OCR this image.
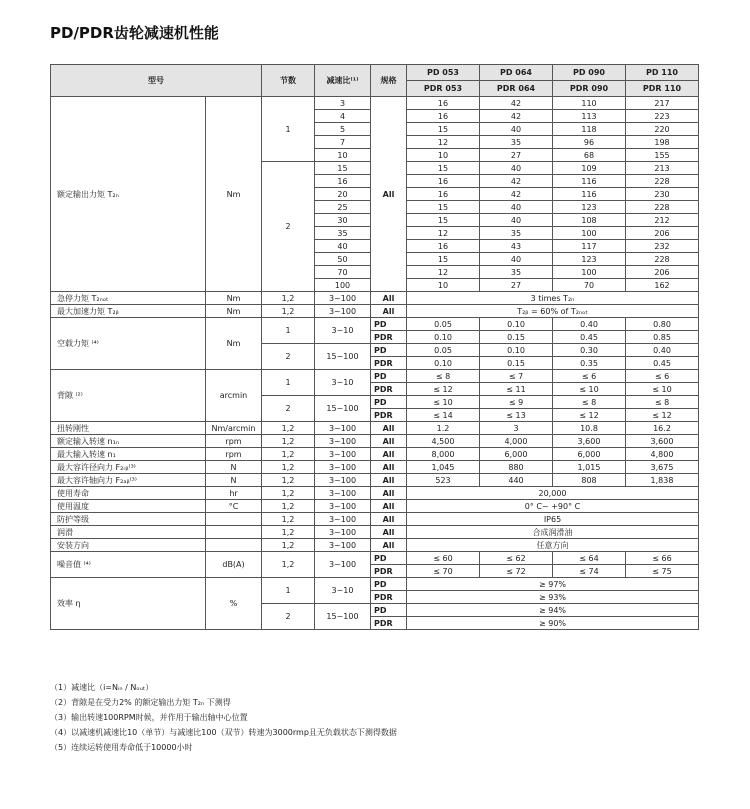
PD/PDR齿轮减速机性能
型号		节数	减速比⁽¹⁾	规格	PD 053	PD 064	PD 090	PD 110
					PDR 053	PDR 064	PDR 090	PDR 110
额定输出力矩 T₂ₙ	Nm	1	3	All	16	42	110	217
			4		16	42	113	223
			5		15	40	118	220
			7		12	35	96	198
			10		10	27	68	155
		2	15		15	40	109	213
			16		16	42	116	228
			20		16	42	116	230
			25		15	40	123	228
			30		15	40	108	212
			35		12	35	100	206
			40		16	43	117	232
			50		15	40	123	228
			70		12	35	100	206
			100		10	27	70	162
急停力矩 T₂ₙₒₜ	Nm	1,2	3~100	All	3 times T₂ₙ			
最大加速力矩 T₂ᵦ	Nm	1,2	3~100	All	T₂ᵦ = 60% of T₂ₙₒₜ			
空载力矩 ⁽⁴⁾	Nm	1	3~10	PD	0.05	0.10	0.40	0.80
				PDR	0.10	0.15	0.45	0.85
		2	15~100	PD	0.05	0.10	0.30	0.40
				PDR	0.10	0.15	0.35	0.45
背隙 ⁽²⁾	arcmin	1	3~10	PD	≤ 8	≤ 7	≤ 6	≤ 6
				PDR	≤ 12	≤ 11	≤ 10	≤ 10
		2	15~100	PD	≤ 10	≤ 9	≤ 8	≤ 8
				PDR	≤ 14	≤ 13	≤ 12	≤ 12
扭转刚性	Nm/arcmin	1,2	3~100	All	1.2	3	10.8	16.2
额定输入转速 n₁ₙ	rpm	1,2	3~100	All	4,500	4,000	3,600	3,600
最大输入转速 n₁	rpm	1,2	3~100	All	8,000	6,000	6,000	4,800
最大容许径向力 F₂ᵣᵦ⁽³⁾	N	1,2	3~100	All	1,045	880	1,015	3,675
最大容许轴向力 F₂ₐᵦ⁽³⁾	N	1,2	3~100	All	523	440	808	1,838
使用寿命	hr	1,2	3~100	All	20,000			
使用温度	°C	1,2	3~100	All	0° C~ +90° C			
防护等级		1,2	3~100	All	IP65			
润滑		1,2	3~100	All	合成润滑油			
安装方向		1,2	3~100	All	任意方向			
噪音值 ⁽⁴⁾	dB(A)	1,2	3~100	PD	≤ 60	≤ 62	≤ 64	≤ 66
				PDR	≤ 70	≤ 72	≤ 74	≤ 75
效率 η	%	1	3~10	PD	≥ 97%			
				PDR	≥ 93%			
		2	15~100	PD	≥ 94%			
				PDR	≥ 90%			
（1）减速比（i=Nᵢₙ / Nₒᵤₜ）
（2）背隙是在受力2% 的额定输出力矩 T₂ₙ 下测得
（3）输出转速100RPM时候，并作用于输出轴中心位置
（4）以减速机减速比10（单节）与减速比100（双节）转速为3000rmp且无负载状态下测得数据
（5）连续运转使用寿命低于10000小时
